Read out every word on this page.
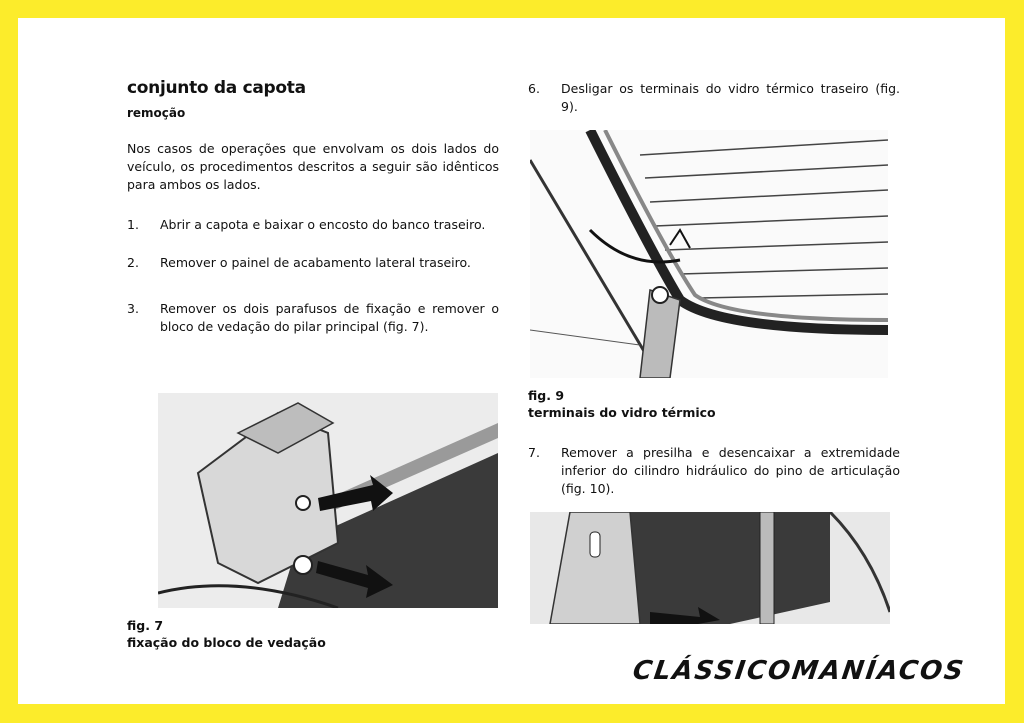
conjunto da capota
remoção

Nos casos de operações que envolvam os dois lados do veículo, os procedimentos descritos a seguir são idênticos para ambos os lados.

1.	Abrir a capota e baixar o encosto do banco traseiro.
2.	Remover o painel de acabamento lateral traseiro.
3.	Remover os dois parafusos de fixação e remover o bloco de vedação do pilar principal (fig. 7).
fig. 7
fixação do bloco de vedação
6.	Desligar os terminais do vidro térmico traseiro (fig. 9).
fig. 9
terminais do vidro térmico
7.	Remover a presilha e desencaixar a extremidade inferior do cilindro hidráulico do pino de articulação (fig. 10).
CLÁSSICOMANÍACOS
